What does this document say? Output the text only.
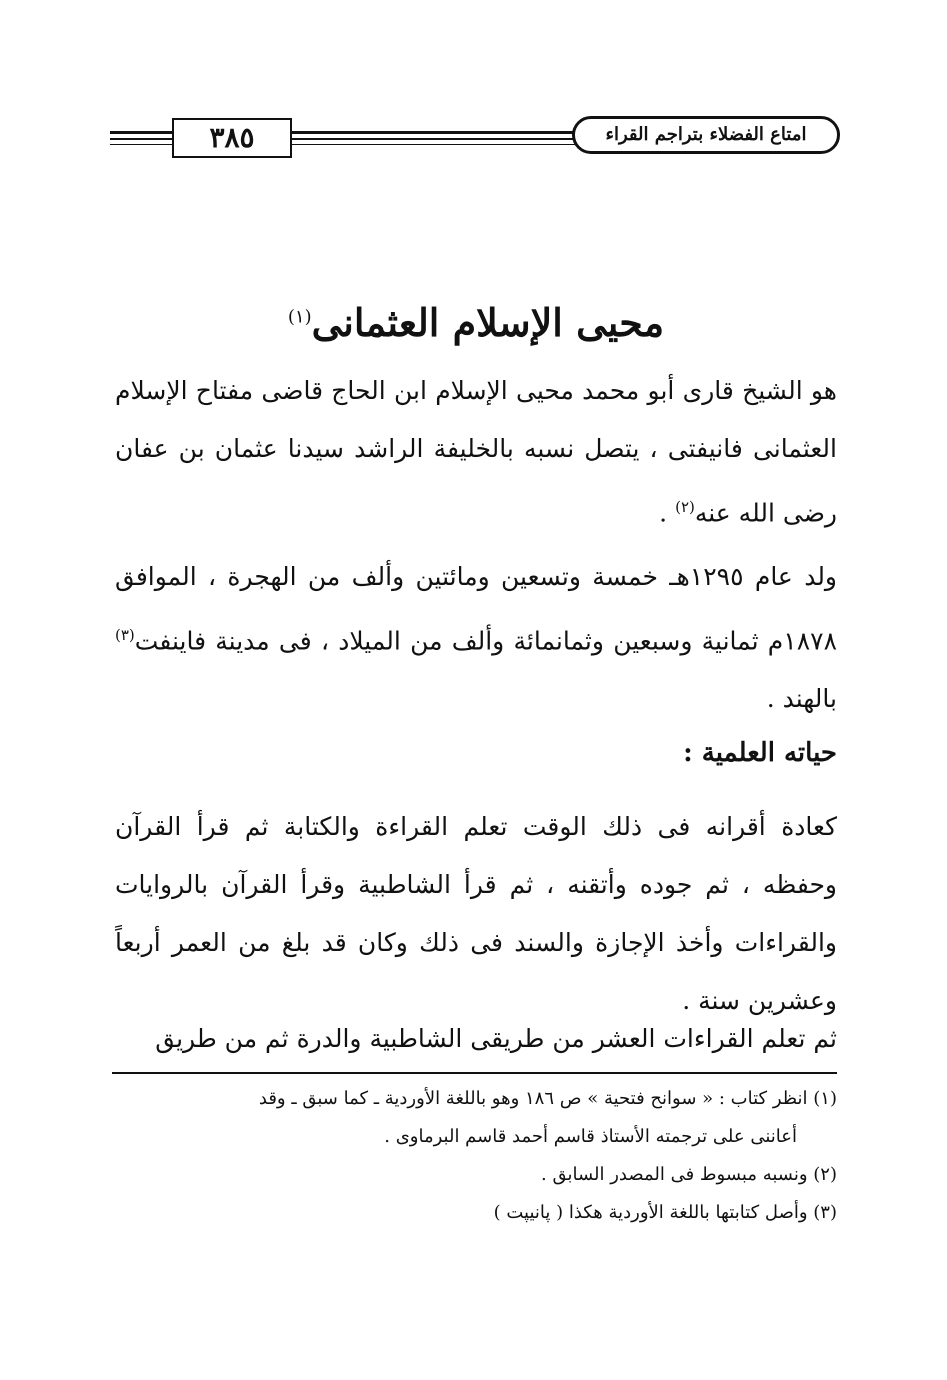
٣٨٥	امتاع الفضلاء بتراجم القراء
محيى الإسلام العثمانى$^{(١)}$

هو الشيخ قارى أبو محمد محيى الإسلام ابن الحاج قاضى مفتاح الإسلام العثمانى فانيفتى ، يتصل نسبه بالخليفة الراشد سيدنا عثمان بن عفان رضى الله عنه$^{(٢)}$ .

ولد عام ١٢٩٥هـ خمسة وتسعين ومائتين وألف من الهجرة ، الموافق ١٨٧٨م ثمانية وسبعين وثمانمائة وألف من الميلاد ، فى مدينة فاينفت$^{(٣)}$ بالهند .

حياته العلمية :

كعادة أقرانه فى ذلك الوقت تعلم القراءة والكتابة ثم قرأ القرآن وحفظه ، ثم جوده وأتقنه ، ثم قرأ الشاطبية وقرأ القرآن بالروايات والقراءات وأخذ الإجازة والسند فى ذلك وكان قد بلغ من العمر أربعاً وعشرين سنة .

ثم تعلم القراءات العشر من طريقى الشاطبية والدرة ثم من طريق

(١) انظر كتاب : « سوانح فتحية » ص ١٨٦ وهو باللغة الأوردية ـ كما سبق ـ وقد

أعاننى على ترجمته الأستاذ قاسم أحمد قاسم البرماوى .

(٢) ونسبه مبسوط فى المصدر السابق .

(٣) وأصل كتابتها باللغة الأوردية هكذا ( پانيپت )
